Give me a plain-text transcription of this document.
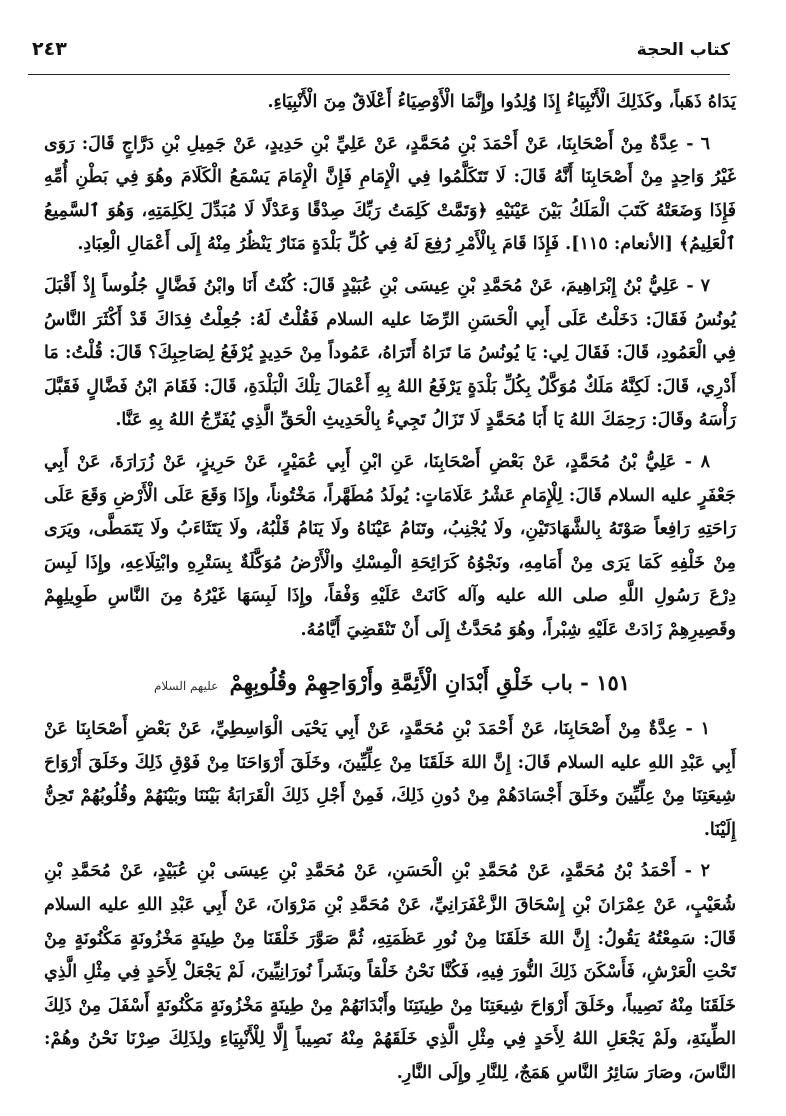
كتاب الحجة
٢٤٣

يَدَاهُ ذَهَباً، وكَذَلِكَ الْأَنْبِيَاءُ إِذَا وُلِدُوا وإِنَّمَا الْأَوْصِيَاءُ أَعْلَاقٌ مِنَ الْأَنْبِيَاءِ.

٦ - عِدَّةٌ مِنْ أَصْحَابِنَا، عَنْ أَحْمَدَ بْنِ مُحَمَّدٍ، عَنْ عَلِيِّ بْنِ حَدِيدٍ، عَنْ جَمِيلِ بْنِ دَرَّاجٍ قَالَ: رَوَى غَيْرُ وَاحِدٍ مِنْ أَصْحَابِنَا أَنَّهُ قَالَ: لَا تَتَكَلَّمُوا فِي الْإِمَامِ فَإِنَّ الْإِمَامَ يَسْمَعُ الْكَلَامَ وهُوَ فِي بَطْنِ أُمِّهِ فَإِذَا وَضَعَتْهُ كَتَبَ الْمَلَكُ بَيْنَ عَيْنَيْهِ ﴿وَتَمَّتْ كَلِمَتُ رَبِّكَ صِدْقًا وَعَدْلًا لَا مُبَدِّلَ لِكَلِمَتِهِ، وَهُوَ ٱلسَّمِيعُ ٱلْعَلِيمُ﴾ [الأنعام: ١١٥]. فَإِذَا قَامَ بِالْأَمْرِ رُفِعَ لَهُ فِي كُلِّ بَلْدَةٍ مَنَارٌ يَنْظُرُ مِنْهُ إِلَى أَعْمَالِ الْعِبَادِ.

٧ - عَلِيُّ بْنُ إِبْرَاهِيمَ، عَنْ مُحَمَّدِ بْنِ عِيسَى بْنِ عُبَيْدٍ قَالَ: كُنْتُ أَنَا وابْنُ فَضَّالٍ جُلُوساً إِذْ أَقْبَلَ يُونُسُ فَقَالَ: دَخَلْتُ عَلَى أَبِي الْحَسَنِ الرِّضَا عليه السلام فَقُلْتُ لَهُ: جُعِلْتُ فِدَاكَ قَدْ أَكْثَرَ النَّاسُ فِي الْعَمُودِ، قَالَ: فَقَالَ لِي: يَا يُونُسُ مَا تَرَاهُ أَتَرَاهُ، عَمُوداً مِنْ حَدِيدٍ يُرْفَعُ لِصَاحِبِكَ؟ قَالَ: قُلْتُ: مَا أَدْرِي، قَالَ: لَكِنَّهُ مَلَكٌ مُوَكَّلٌ بِكُلِّ بَلْدَةٍ يَرْفَعُ اللهُ بِهِ أَعْمَالَ تِلْكَ الْبَلْدَةِ، قَالَ: فَقَامَ ابْنُ فَضَّالٍ فَقَبَّلَ رَأْسَهُ وقَالَ: رَحِمَكَ اللهُ يَا أَبَا مُحَمَّدٍ لَا تَزَالُ تَجِيءُ بِالْحَدِيثِ الْحَقِّ الَّذِي يُفَرِّجُ اللهُ بِهِ عَنَّا.

٨ - عَلِيُّ بْنُ مُحَمَّدٍ، عَنْ بَعْضِ أَصْحَابِنَا، عَنِ ابْنِ أَبِي عُمَيْرٍ، عَنْ حَرِيزٍ، عَنْ زُرَارَةَ، عَنْ أَبِي جَعْفَرٍ عليه السلام قَالَ: لِلْإِمَامِ عَشْرُ عَلَامَاتٍ: يُولَدُ مُطَهَّراً، مَخْتُوناً، وإِذَا وَقَعَ عَلَى الْأَرْضِ وَقَعَ عَلَى رَاحَتِهِ رَافِعاً صَوْتَهُ بِالشَّهَادَتَيْنِ، ولَا يُجْنِبُ، وتَنَامُ عَيْنَاهُ ولَا يَنَامُ قَلْبُهُ، ولَا يَتَثَاءَبُ ولَا يَتَمَطَّى، ويَرَى مِنْ خَلْفِهِ كَمَا يَرَى مِنْ أَمَامِهِ، ونَجْوُهُ كَرَائِحَةِ الْمِسْكِ والْأَرْضُ مُوَكَّلَةٌ بِسَتْرِهِ وابْتِلَاعِهِ، وإِذَا لَبِسَ دِرْعَ رَسُولِ اللَّهِ صلى الله عليه وآله كَانَتْ عَلَيْهِ وَفْقاً، وإِذَا لَبِسَهَا غَيْرُهُ مِنَ النَّاسِ طَوِيلِهِمْ وقَصِيرِهِمْ زَادَتْ عَلَيْهِ شِبْراً، وهُوَ مُحَدَّثٌ إِلَى أَنْ تَنْقَضِيَ أَيَّامُهُ.

١٥١ - باب خَلْقِ أَبْدَانِ الْأَئِمَّةِ وأَرْوَاحِهِمْ وقُلُوبِهِمْ عليهم السلام

١ - عِدَّةٌ مِنْ أَصْحَابِنَا، عَنْ أَحْمَدَ بْنِ مُحَمَّدٍ، عَنْ أَبِي يَحْيَى الْوَاسِطِيِّ، عَنْ بَعْضِ أَصْحَابِنَا عَنْ أَبِي عَبْدِ اللهِ عليه السلام قَالَ: إِنَّ اللهَ خَلَقَنَا مِنْ عِلِّيِّينَ، وخَلَقَ أَرْوَاحَنَا مِنْ فَوْقِ ذَلِكَ وخَلَقَ أَرْوَاحَ شِيعَتِنَا مِنْ عِلِّيِّينَ وخَلَقَ أَجْسَادَهُمْ مِنْ دُونِ ذَلِكَ، فَمِنْ أَجْلِ ذَلِكَ الْقَرَابَةُ بَيْنَنَا وبَيْنَهُمْ وقُلُوبُهُمْ تَحِنُّ إِلَيْنَا.

٢ - أَحْمَدُ بْنُ مُحَمَّدٍ، عَنْ مُحَمَّدِ بْنِ الْحَسَنِ، عَنْ مُحَمَّدِ بْنِ عِيسَى بْنِ عُبَيْدٍ، عَنْ مُحَمَّدِ بْنِ شُعَيْبٍ، عَنْ عِمْرَانَ بْنِ إِسْحَاقَ الزَّعْفَرَانِيِّ، عَنْ مُحَمَّدِ بْنِ مَرْوَانَ، عَنْ أَبِي عَبْدِ اللهِ عليه السلام قَالَ: سَمِعْتُهُ يَقُولُ: إِنَّ اللهَ خَلَقَنَا مِنْ نُورِ عَظَمَتِهِ، ثُمَّ صَوَّرَ خَلْقَنَا مِنْ طِينَةٍ مَخْزُونَةٍ مَكْنُونَةٍ مِنْ تَحْتِ الْعَرْشِ، فَأَسْكَنَ ذَلِكَ النُّورَ فِيهِ، فَكُنَّا نَحْنُ خَلْقاً وبَشَراً نُورَانِيِّينَ، لَمْ يَجْعَلْ لِأَحَدٍ فِي مِثْلِ الَّذِي خَلَقَنَا مِنْهُ نَصِيباً، وخَلَقَ أَرْوَاحَ شِيعَتِنَا مِنْ طِينَتِنَا وأَبْدَانَهُمْ مِنْ طِينَةٍ مَخْزُونَةٍ مَكْنُونَةٍ أَسْفَلَ مِنْ ذَلِكَ الطِّينَةِ، ولَمْ يَجْعَلِ اللهُ لِأَحَدٍ فِي مِثْلِ الَّذِي خَلَقَهُمْ مِنْهُ نَصِيباً إِلَّا لِلْأَنْبِيَاءِ ولِذَلِكَ صِرْنَا نَحْنُ وهُمْ: النَّاسَ، وصَارَ سَائِرُ النَّاسِ هَمَجٌ، لِلنَّارِ وإِلَى النَّارِ.
